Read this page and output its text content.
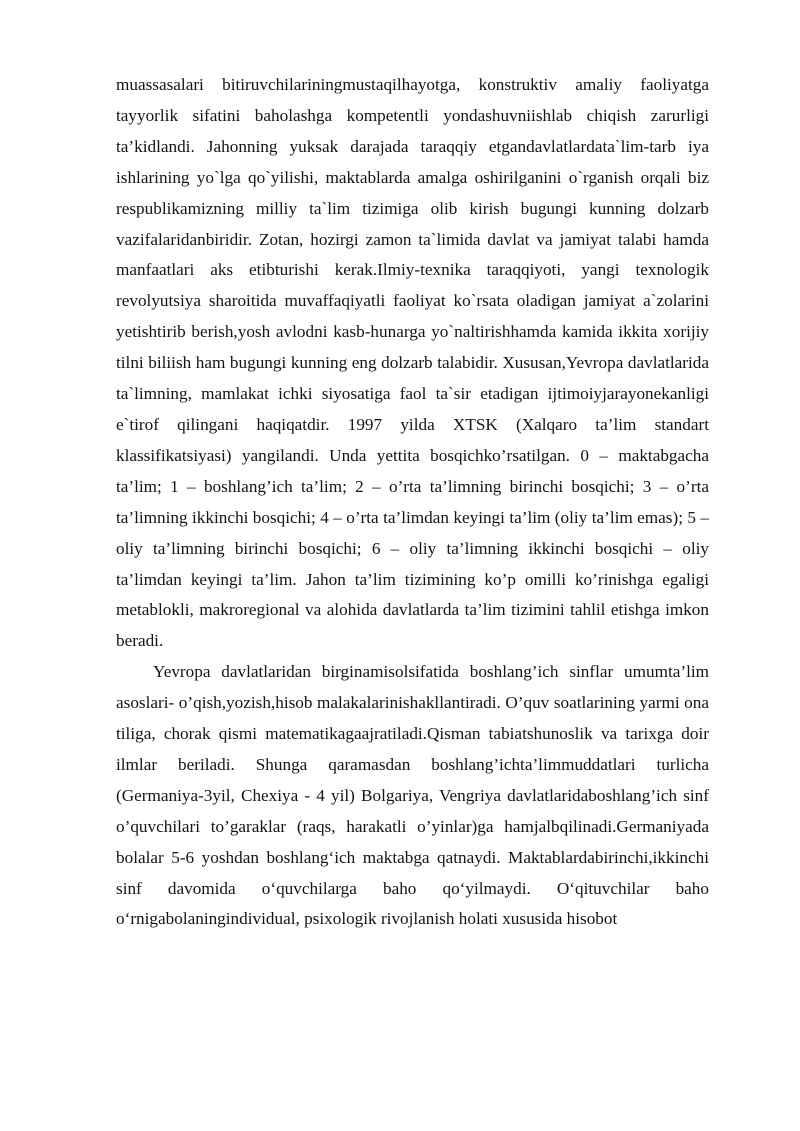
muassasalari bitiruvchilariningmustaqilhayotga, konstruktiv amaliy faoliyatga tayyorlik sifatini baholashga kompetentli yondashuvniishlab chiqish zarurligi ta’kidlandi. Jahonning yuksak darajada taraqqiy etgandavlatlardata`lim-tarb iya ishlarining yo`lga qo`yilishi, maktablarda amalga oshirilganini o`rganish orqali biz respublikamizning milliy ta`lim tizimiga olib kirish bugungi kunning dolzarb vazifalaridanbiridir. Zotan, hozirgi zamon ta`limida davlat va jamiyat talabi hamda manfaatlari aks etibturishi kerak.Ilmiy-texnika taraqqiyoti, yangi texnologik revolyutsiya sharoitida muvaffaqiyatli faoliyat ko`rsata oladigan jamiyat a`zolarini yetishtirib berish,yosh avlodni kasb-hunarga yo`naltirishhamda kamida ikkita xorijiy tilni biliish ham bugungi kunning eng dolzarb talabidir. Xususan,Yevropa davlatlarida ta`limning, mamlakat ichki siyosatiga faol ta`sir etadigan ijtimoiyjarayonekanligi e`tirof qilingani haqiqatdir. 1997 yilda XTSK (Xalqaro ta’lim standart klassifikatsiyasi) yangilandi. Unda yettita bosqichko’rsatilgan. 0 – maktabgacha ta’lim; 1 – boshlang’ich ta’lim; 2 – o’rta ta’limning birinchi bosqichi; 3 – o’rta ta’limning ikkinchi bosqichi; 4 – o’rta ta’limdan keyingi ta’lim (oliy ta’lim emas); 5 – oliy ta’limning birinchi bosqichi; 6 – oliy ta’limning ikkinchi bosqichi – oliy ta’limdan keyingi ta’lim. Jahon ta’lim tizimining ko’p omilli ko’rinishga egaligi metablokli, makroregional va alohida davlatlarda ta’lim tizimini tahlil etishga imkon beradi.

Yevropa davlatlaridan birginamisolsifatida boshlang’ich sinflar umumta’lim asoslari- o’qish,yozish,hisob malakalarinishakllantiradi. O’quv soatlarining yarmi ona tiliga, chorak qismi matematikagaajratiladi.Qisman tabiatshunoslik va tarixga doir ilmlar beriladi. Shunga qaramasdan boshlang’ichta’limmuddatlari turlicha (Germaniya-3yil, Chexiya - 4 yil) Bolgariya, Vengriya davlatlaridaboshlang’ich sinf o’quvchilari to’garaklar (raqs, harakatli o’yinlar)ga hamjalbqilinadi.Germaniyada bolalar 5-6 yoshdan boshlang‘ich maktabga qatnaydi. Maktablardabirinchi,ikkinchi sinf davomida o‘quvchilarga baho qo‘yilmaydi. O‘qituvchilar baho o‘rnigabolaningindividual, psixologik rivojlanish holati xususida hisobot
